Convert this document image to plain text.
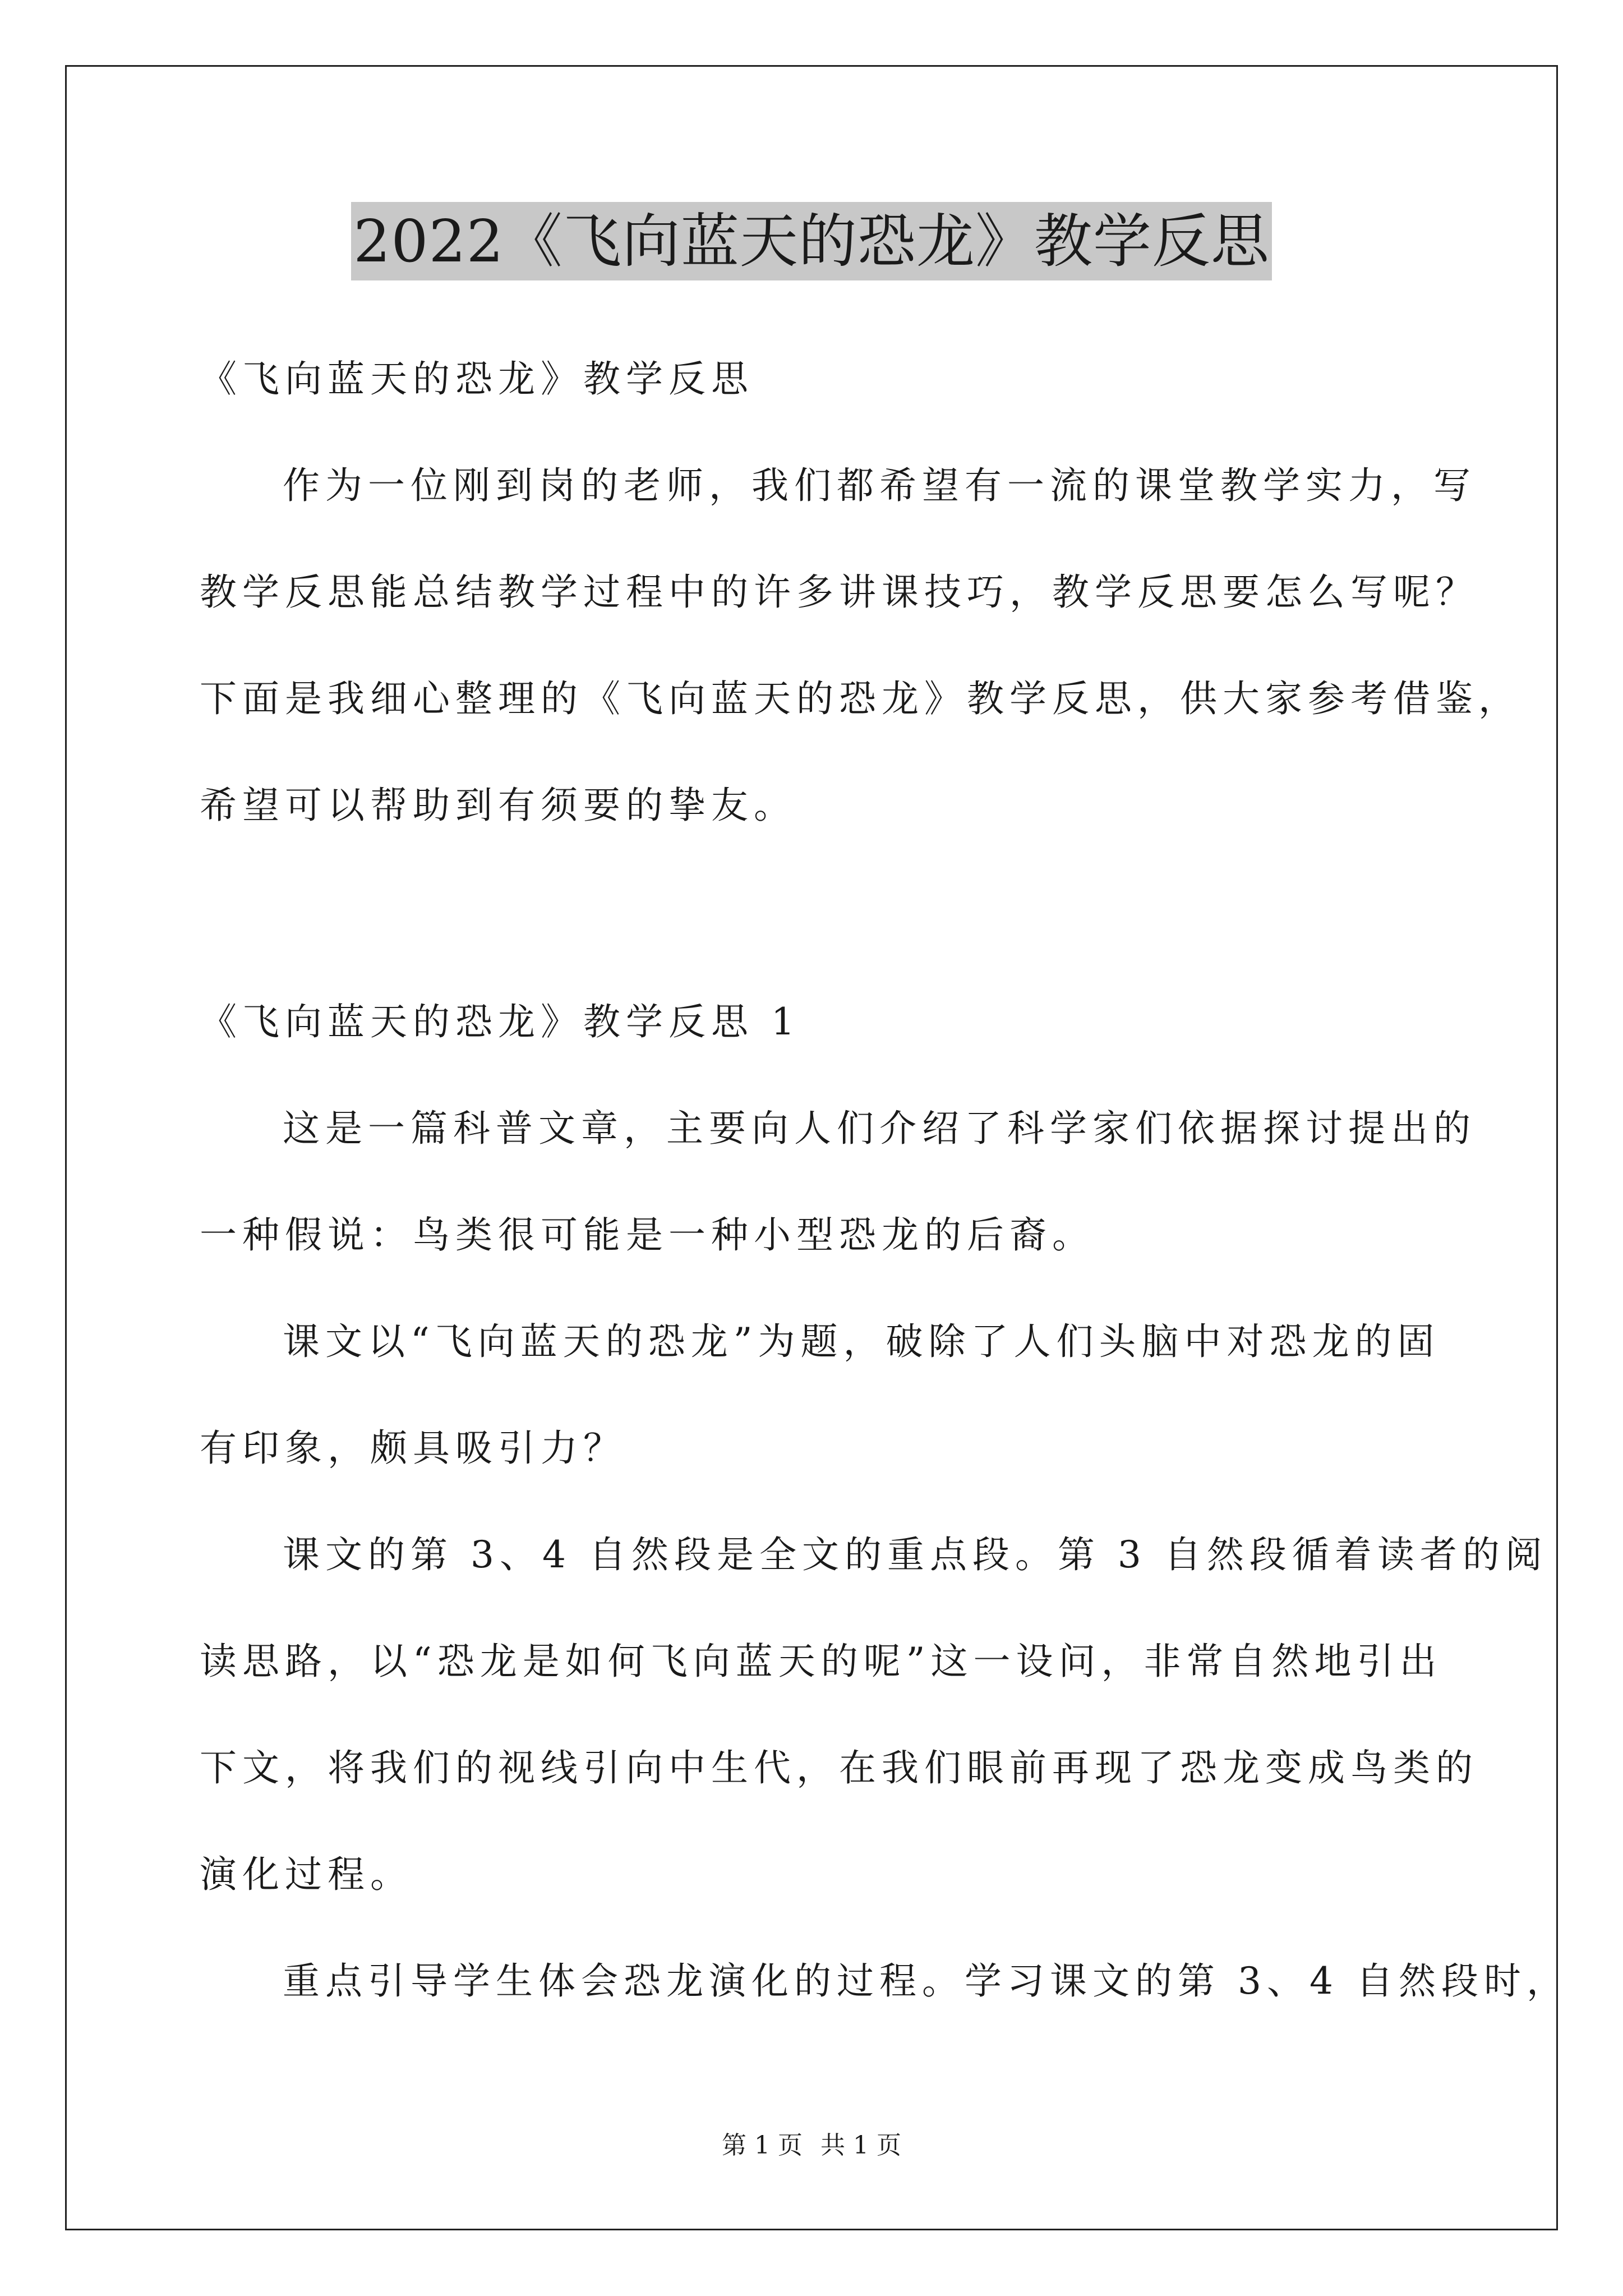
2022《飞向蓝天的恐龙》教学反思
《飞向蓝天的恐龙》教学反思
作为一位刚到岗的老师，我们都希望有一流的课堂教学实力，写
教学反思能总结教学过程中的许多讲课技巧，教学反思要怎么写呢？
下面是我细心整理的《飞向蓝天的恐龙》教学反思，供大家参考借鉴，
希望可以帮助到有须要的挚友。
《飞向蓝天的恐龙》教学反思 1
这是一篇科普文章，主要向人们介绍了科学家们依据探讨提出的
一种假说：鸟类很可能是一种小型恐龙的后裔。
课文以“飞向蓝天的恐龙”为题，破除了人们头脑中对恐龙的固
有印象，颇具吸引力？
课文的第 3、4 自然段是全文的重点段。第 3 自然段循着读者的阅
读思路，以“恐龙是如何飞向蓝天的呢”这一设问，非常自然地引出
下文，将我们的视线引向中生代，在我们眼前再现了恐龙变成鸟类的
演化过程。
重点引导学生体会恐龙演化的过程。学习课文的第 3、4 自然段时，
第 1 页 共 1 页
